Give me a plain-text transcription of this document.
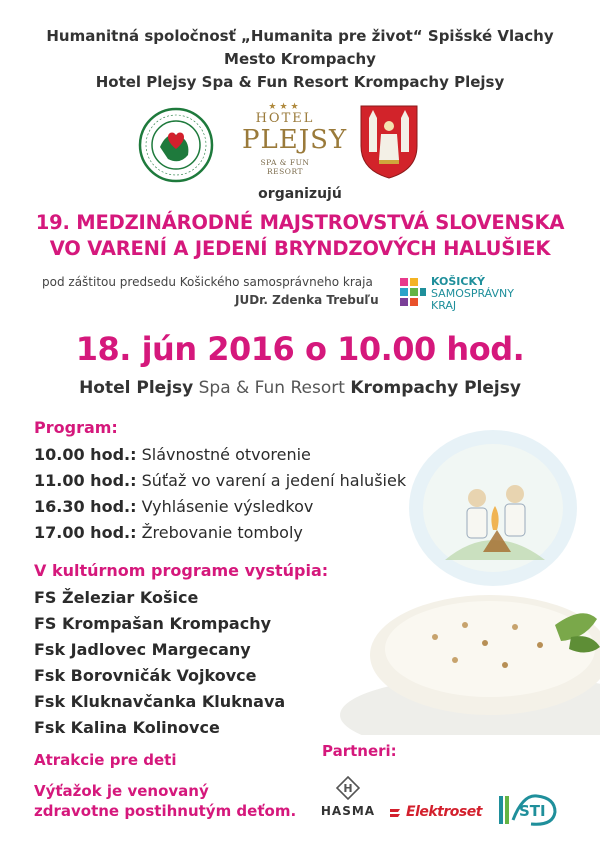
Humanitná spoločnosť „Humanita pre život“ Spišské Vlachy
Mesto Krompachy
Hotel Plejsy Spa & Fun Resort Krompachy Plejsy
★★★
HOTEL
PLEJSY
SPA & FUN RESORT
organizujú
19. MEDZINÁRODNÉ MAJSTROVSTVÁ SLOVENSKA
VO VARENÍ A JEDENÍ BRYNDZOVÝCH HALUŠIEK
pod záštitou predsedu Košického samosprávneho kraja
JUDr. Zdenka Trebuľu
KOŠICKÝ
SAMOSPRÁVNY
KRAJ
18. jún 2016 o 10.00 hod.
Hotel Plejsy Spa & Fun Resort Krompachy Plejsy
Program:
10.00 hod.: Slávnostné otvorenie
11.00 hod.: Súťaž vo varení a jedení halušiek
16.30 hod.: Vyhlásenie výsledkov
17.00 hod.: Žrebovanie tomboly
V kultúrnom programe vystúpia:
FS Železiar Košice
FS Krompašan Krompachy
Fsk Jadlovec Margecany
Fsk Borovničák Vojkovce
Fsk Kluknavčanka Kluknava
Fsk Kalina Kolinovce
Atrakcie pre deti
Výťažok je venovaný
zdravotne postihnutým deťom.
Partneri:
H
HASMA	Elektroset STI
